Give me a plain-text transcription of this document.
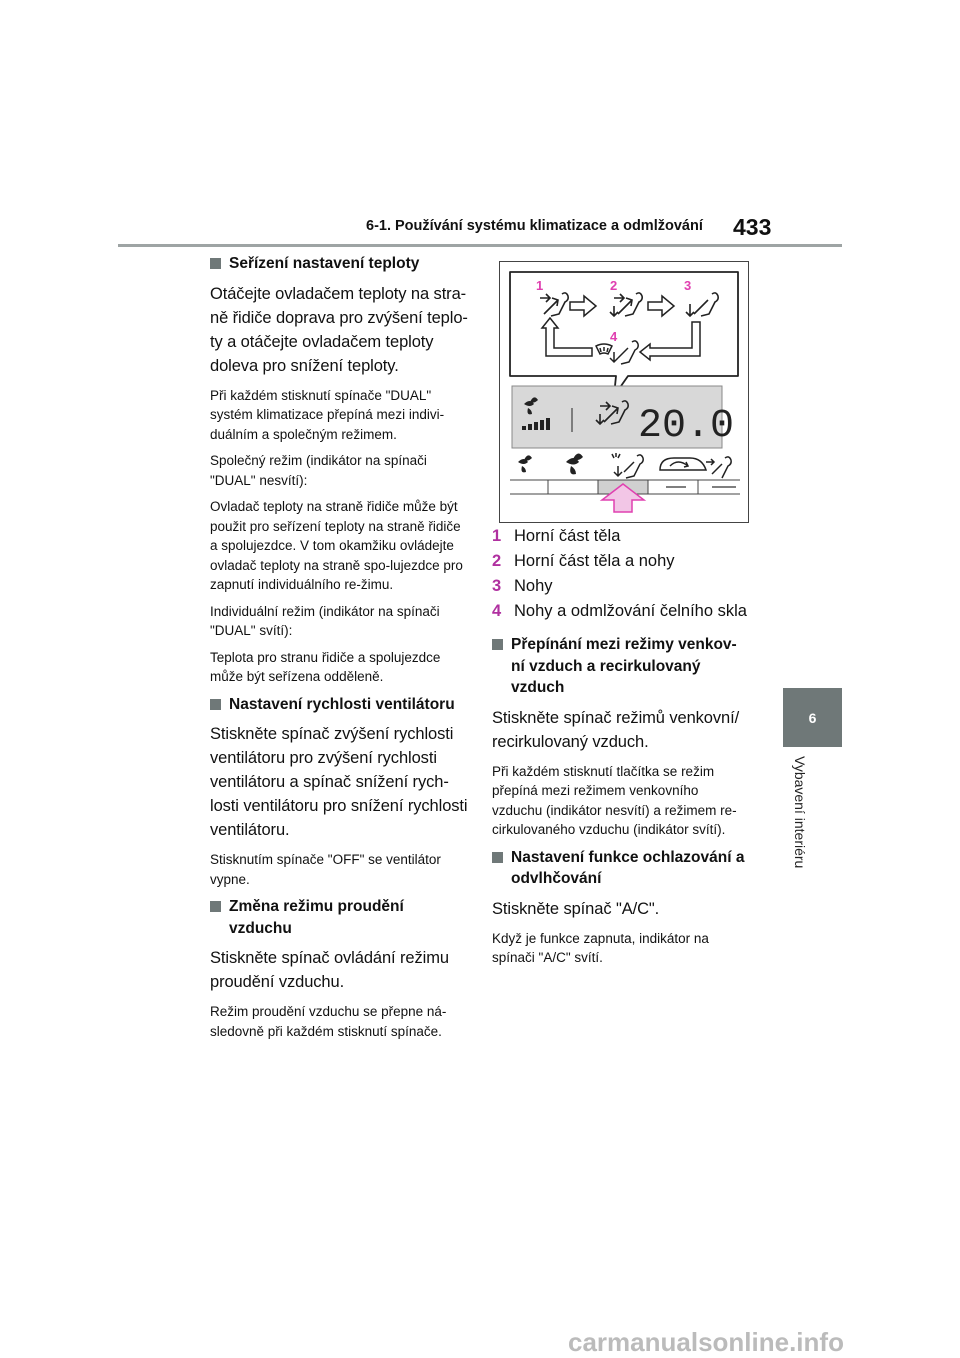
6-1. Používání systému klimatizace a odmlžování 433
6
Vybavení interiéru
Seřízení nastavení teploty

Otáčejte ovladačem teploty na stra-ně řidiče doprava pro zvýšení teplo-ty a otáčejte ovladačem teploty doleva pro snížení teploty.

Při každém stisknutí spínače "DUAL" systém klimatizace přepíná mezi indivi-duálním a společným režimem.

Společný režim (indikátor na spínači "DUAL" nesvítí):

Ovladač teploty na straně řidiče může být použit pro seřízení teploty na straně řidiče a spolujezdce. V tom okamžiku ovládejte ovladač teploty na straně spo-lujezdce pro zapnutí individuálního re-žimu.

Individuální režim (indikátor na spínači "DUAL" svítí):

Teplota pro stranu řidiče a spolujezdce může být seřízena odděleně.

Nastavení rychlosti ventilátoru

Stiskněte spínač zvýšení rychlosti ventilátoru pro zvýšení rychlosti ventilátoru a spínač snížení rych-losti ventilátoru pro snížení rychlosti ventilátoru.

Stisknutím spínače "OFF" se ventilátor vypne.

Změna režimu proudění vzduchu

Stiskněte spínač ovládání režimu proudění vzduchu.

Režim proudění vzduchu se přepne ná-sledovně při každém stisknutí spínače.

1	2	3
4
20.0
1 Horní část těla
2 Horní část těla a nohy
3 Nohy
4 Nohy a odmlžování čelního skla
Přepínání mezi režimy venkov-ní vzduch a recirkulovaný vzduch

Stiskněte spínač režimů venkovní/ recirkulovaný vzduch.

Při každém stisknutí tlačítka se režim přepíná mezi režimem venkovního vzduchu (indikátor nesvítí) a režimem re-cirkulovaného vzduchu (indikátor svítí).

Nastavení funkce ochlazování a odvlhčování

Stiskněte spínač "A/C".

Když je funkce zapnuta, indikátor na spínači "A/C" svítí.

carmanualsonline.info
